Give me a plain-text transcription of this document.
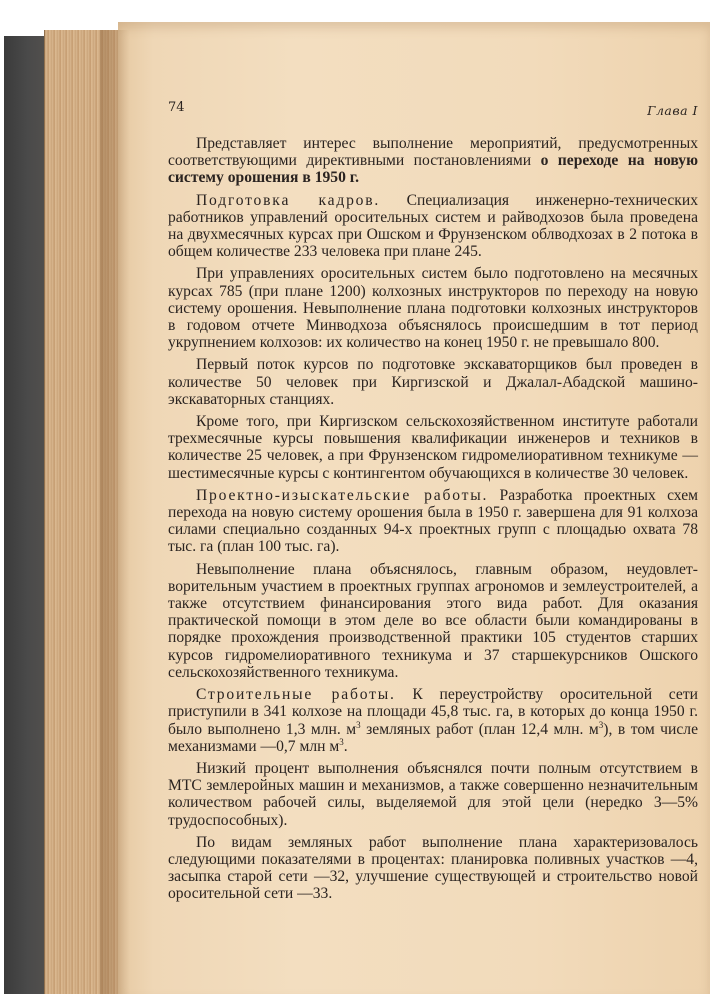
74	Глава I

Представляет интерес выполнение мероприятий, предусмотренных соответствующими директивными постановлениями о переходе на новую систему орошения в 1950 г.

Подготовка кадров. Специализация инженерно-технических работников управлений оросительных систем и райводхозов была проведена на двухмесячных курсах при Ошском и Фрунзенском облводхозах в 2 потока в общем количестве 233 человека при плане 245.

При управлениях оросительных систем было подготовлено на месячных курсах 785 (при плане 1200) колхозных инструкторов по переходу на новую систему орошения. Невыполнение плана подготовки колхозных инструкторов в годовом отчете Минводхоза объяснялось происшедшим в тот период укрупнением колхозов: их количество на конец 1950 г. не превышало 800.

Первый поток курсов по подготовке экскаваторщиков был проведен в количестве 50 человек при Киргизской и Джалал-Абадской машино-экскаваторных станциях.

Кроме того, при Киргизском сельскохозяйственном институте работали трехмесячные курсы повышения квалификации инженеров и техников в количестве 25 человек, а при Фрунзенском гидромелиоративном техникуме — шестимесячные курсы с контингентом обучающихся в количестве 30 человек.

Проектно-изыскательские работы. Разработка проектных схем перехода на новую систему орошения была в 1950 г. завершена для 91 колхоза силами специально созданных 94-х проектных групп с площадью охвата 78 тыс. га (план 100 тыс. га).

Невыполнение плана объяснялось, главным образом, неудовлетворительным участием в проектных группах агрономов и землеустроителей, а также отсутствием финансирования этого вида работ. Для оказания практической помощи в этом деле во все области были командированы в порядке прохождения производственной практики 105 студентов старших курсов гидромелиоративного техникума и 37 старшекурсников Ошского сельскохозяйственного техникума.

Строительные работы. К переустройству оросительной сети приступили в 341 колхозе на площади 45,8 тыс. га, в которых до конца 1950 г. было выполнено 1,3 млн. $м^3$ земляных работ (план 12,4 млн. $м^3$), в том числе механизмами —0,7 млн $м^3$.

Низкий процент выполнения объяснялся почти полным отсутствием в МТС землеройных машин и механизмов, а также совершенно незначительным количеством рабочей силы, выделяемой для этой цели (нередко 3—5% трудоспособных).

По видам земляных работ выполнение плана характеризовалось следующими показателями в процентах: планировка поливных участков —4, засыпка старой сети —32, улучшение существующей и строительство новой оросительной сети —33.
